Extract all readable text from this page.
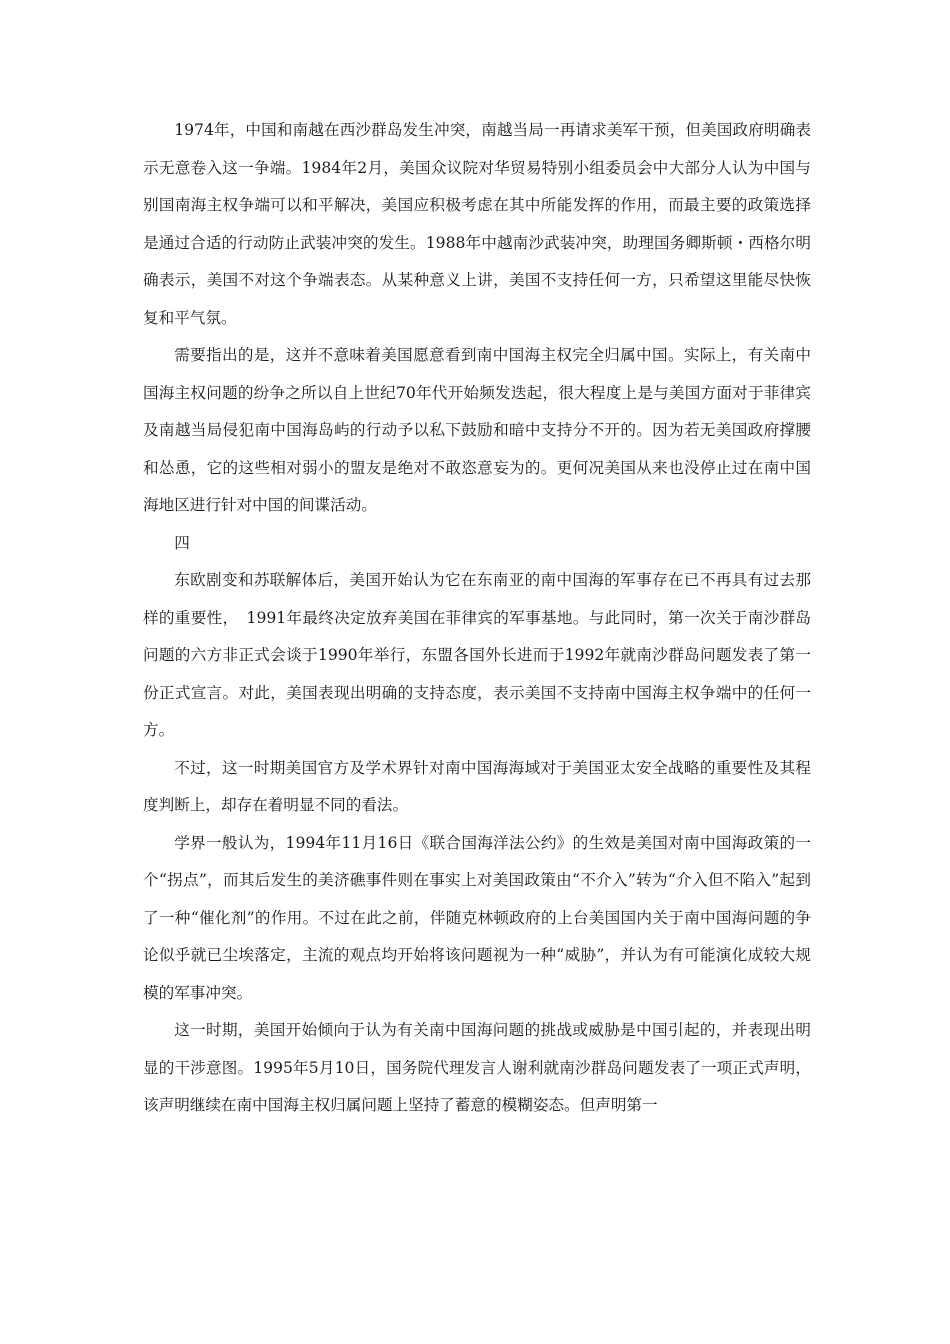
1974年，中国和南越在西沙群岛发生冲突，南越当局一再请求美军干预，但美国政府明确表示无意卷入这一争端。1984年2月，美国众议院对华贸易特别小组委员会中大部分人认为中国与别国南海主权争端可以和平解决，美国应积极考虑在其中所能发挥的作用，而最主要的政策选择是通过合适的行动防止武装冲突的发生。1988年中越南沙武装冲突，助理国务卿斯顿・西格尔明确表示，美国不对这个争端表态。从某种意义上讲，美国不支持任何一方，只希望这里能尽快恢复和平气氛。

需要指出的是，这并不意味着美国愿意看到南中国海主权完全归属中国。实际上，有关南中国海主权问题的纷争之所以自上世纪70年代开始频发迭起，很大程度上是与美国方面对于菲律宾及南越当局侵犯南中国海岛屿的行动予以私下鼓励和暗中支持分不开的。因为若无美国政府撑腰和怂恿，它的这些相对弱小的盟友是绝对不敢恣意妄为的。更何况美国从来也没停止过在南中国海地区进行针对中国的间谍活动。

四

东欧剧变和苏联解体后，美国开始认为它在东南亚的南中国海的军事存在已不再具有过去那样的重要性，　1991年最终决定放弃美国在菲律宾的军事基地。与此同时，第一次关于南沙群岛问题的六方非正式会谈于1990年举行，东盟各国外长进而于1992年就南沙群岛问题发表了第一份正式宣言。对此，美国表现出明确的支持态度，表示美国不支持南中国海主权争端中的任何一方。

不过，这一时期美国官方及学术界针对南中国海海域对于美国亚太安全战略的重要性及其程度判断上，却存在着明显不同的看法。

学界一般认为，1994年11月16日《联合国海洋法公约》的生效是美国对南中国海政策的一个“拐点”，而其后发生的美济礁事件则在事实上对美国政策由“不介入”转为“介入但不陷入”起到了一种“催化剂”的作用。不过在此之前，伴随克林顿政府的上台美国国内关于南中国海问题的争论似乎就已尘埃落定，主流的观点均开始将该问题视为一种“威胁”，并认为有可能演化成较大规模的军事冲突。

这一时期，美国开始倾向于认为有关南中国海问题的挑战或威胁是中国引起的，并表现出明显的干涉意图。1995年5月10日，国务院代理发言人谢利就南沙群岛问题发表了一项正式声明，该声明继续在南中国海主权归属问题上坚持了蓄意的模糊姿态。但声明第一
